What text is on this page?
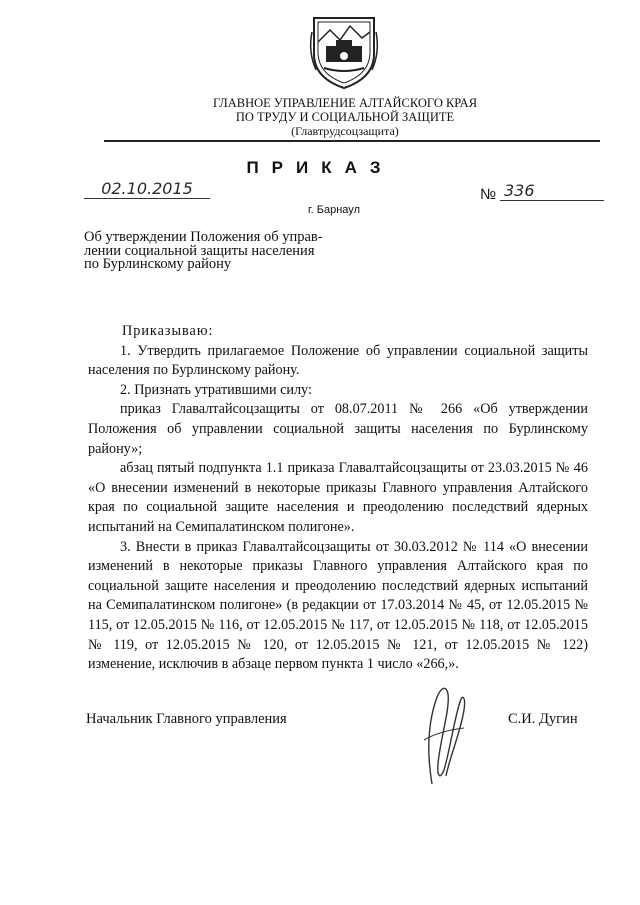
ГЛАВНОЕ УПРАВЛЕНИЕ АЛТАЙСКОГО КРАЯ
ПО ТРУДУ И СОЦИАЛЬНОЙ ЗАЩИТЕ
(Главтрудсоцзащита)
ПРИКАЗ
02.10.2015
г. Барнаул
№ 336
Об утверждении Положения об управ-
лении социальной защиты населения
по Бурлинскому району

Приказываю:

1. Утвердить прилагаемое Положение об управлении социальной защиты населения по Бурлинскому району.

2. Признать утратившими силу:

приказ Главалтайсоцзащиты от 08.07.2011 № 266 «Об утверждении Положения об управлении социальной защиты населения по Бурлинскому району»;

абзац пятый подпункта 1.1 приказа Главалтайсоцзащиты от 23.03.2015 № 46 «О внесении изменений в некоторые приказы Главного управления Алтайского края по социальной защите населения и преодолению последствий ядерных испытаний на Семипалатинском полигоне».

3. Внести в приказ Главалтайсоцзащиты от 30.03.2012 № 114 «О внесении изменений в некоторые приказы Главного управления Алтайского края по социальной защите населения и преодолению последствий ядерных испытаний на Семипалатинском полигоне» (в редакции от 17.03.2014 № 45, от 12.05.2015 № 115, от 12.05.2015 № 116, от 12.05.2015 № 117, от 12.05.2015 № 118, от 12.05.2015 № 119, от 12.05.2015 № 120, от 12.05.2015 № 121, от 12.05.2015 № 122) изменение, исключив в абзаце первом пункта 1 число «266,».

Начальник Главного управления	С.И. Дугин
